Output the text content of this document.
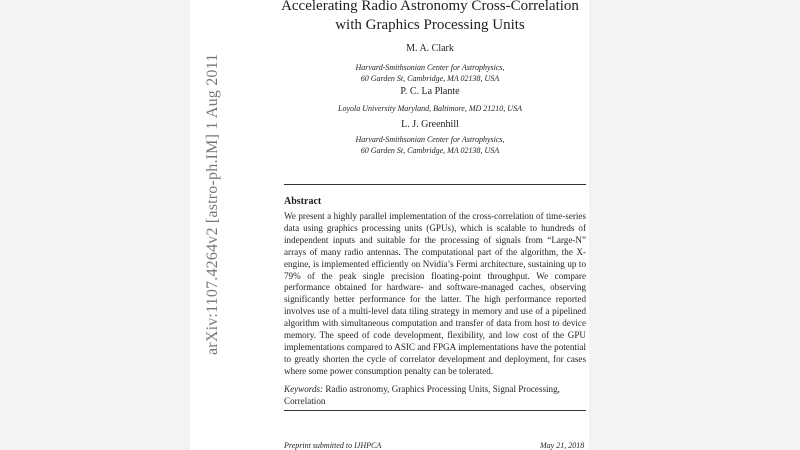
arXiv:1107.4264v2 [astro-ph.IM] 1 Aug 2011
Accelerating Radio Astronomy Cross-Correlation with Graphics Processing Units
M. A. Clark
Harvard-Smithsonian Center for Astrophysics,
60 Garden St, Cambridge, MA 02138, USA
P. C. La Plante
Loyola University Maryland, Baltimore, MD 21210, USA
L. J. Greenhill
Harvard-Smithsonian Center for Astrophysics,
60 Garden St, Cambridge, MA 02138, USA
Abstract
We present a highly parallel implementation of the cross-correlation of time-series data using graphics processing units (GPUs), which is scalable to hundreds of independent inputs and suitable for the processing of signals from “Large-N” arrays of many radio antennas. The computational part of the algorithm, the X-engine, is implemented efficiently on Nvidia’s Fermi architecture, sustaining up to 79% of the peak single precision floating-point throughput. We compare performance obtained for hardware- and software-managed caches, observing significantly better performance for the latter. The high performance reported involves use of a multi-level data tiling strategy in memory and use of a pipelined algorithm with simultaneous computation and transfer of data from host to device memory. The speed of code development, flexibility, and low cost of the GPU implementations compared to ASIC and FPGA implementations have the potential to greatly shorten the cycle of correlator development and deployment, for cases where some power consumption penalty can be tolerated.
Keywords: Radio astronomy, Graphics Processing Units, Signal Processing, Correlation
Preprint submitted to IJHPCA	May 21, 2018
